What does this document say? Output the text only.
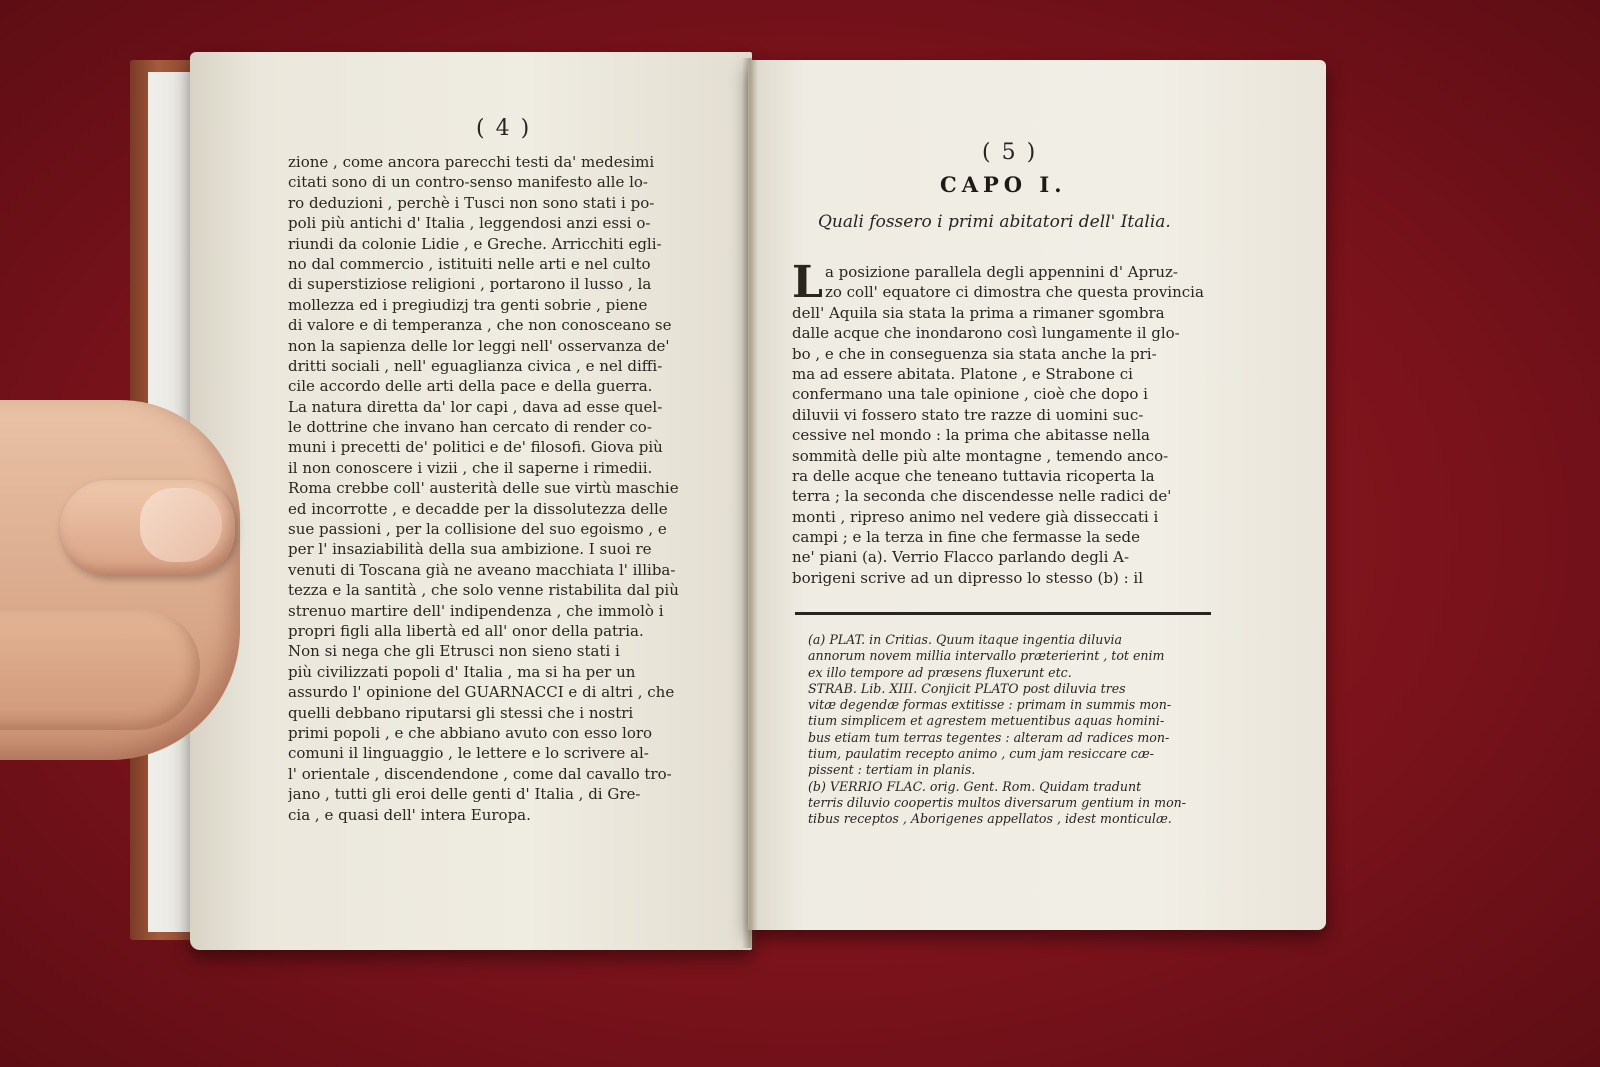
( 4 )
zione , come ancora parecchi testi da' medesimi
citati sono di un contro-senso manifesto alle lo-
ro deduzioni , perchè i Tusci non sono stati i po-
poli più antichi d' Italia , leggendosi anzi essi o-
riundi da colonie Lidie , e Greche. Arricchiti egli-
no dal commercio , istituiti nelle arti e nel culto
di superstiziose religioni , portarono il lusso , la
mollezza ed i pregiudizj tra genti sobrie , piene
di valore e di temperanza , che non conosceano se
non la sapienza delle lor leggi nell' osservanza de'
dritti sociali , nell' eguaglianza civica , e nel diffi-
cile accordo delle arti della pace e della guerra.
La natura diretta da' lor capi , dava ad esse quel-
le dottrine che invano han cercato di render co-
muni i precetti de' politici e de' filosofi. Giova più
il non conoscere i vizii , che il saperne i rimedii.
Roma crebbe coll' austerità delle sue virtù maschie
ed incorrotte , e decadde per la dissolutezza delle
sue passioni , per la collisione del suo egoismo , e
per l' insaziabilità della sua ambizione. I suoi re
venuti di Toscana già ne aveano macchiata l' illiba-
tezza e la santità , che solo venne ristabilita dal più
strenuo martire dell' indipendenza , che immolò i
propri figli alla libertà ed all' onor della patria.
Non si nega che gli Etrusci non sieno stati i
più civilizzati popoli d' Italia , ma si ha per un
assurdo l' opinione del GUARNACCI e di altri , che
quelli debbano riputarsi gli stessi che i nostri
primi popoli , e che abbiano avuto con esso loro
comuni il linguaggio , le lettere e lo scrivere al-
l' orientale , discendendone , come dal cavallo tro-
jano , tutti gli eroi delle genti d' Italia , di Gre-
cia , e quasi dell' intera Europa.
( 5 )
CAPO I.
Quali fossero i primi abitatori dell' Italia.
L a posizione parallela degli appennini d' Apruz-
zo coll' equatore ci dimostra che questa provincia
dell' Aquila sia stata la prima a rimaner sgombra
dalle acque che inondarono così lungamente il glo-
bo , e che in conseguenza sia stata anche la pri-
ma ad essere abitata. Platone , e Strabone ci
confermano una tale opinione , cioè che dopo i
diluvii vi fossero stato tre razze di uomini suc-
cessive nel mondo : la prima che abitasse nella
sommità delle più alte montagne , temendo anco-
ra delle acque che teneano tuttavia ricoperta la
terra ; la seconda che discendesse nelle radici de'
monti , ripreso animo nel vedere già disseccati i
campi ; e la terza in fine che fermasse la sede
ne' piani (a). Verrio Flacco parlando degli A-
borigeni scrive ad un dipresso lo stesso (b) : il
(a) PLAT. in Critias. Quum itaque ingentia diluvia
annorum novem millia intervallo præterierint , tot enim
ex illo tempore ad præsens fluxerunt etc.
STRAB. Lib. XIII. Conjicit PLATO post diluvia tres
vitæ degendæ formas extitisse : primam in summis mon-
tium simplicem et agrestem metuentibus aquas homini-
bus etiam tum terras tegentes : alteram ad radices mon-
tium, paulatim recepto animo , cum jam resiccare cæ-
pissent : tertiam in planis.
(b) VERRIO FLAC. orig. Gent. Rom. Quidam tradunt
terris diluvio coopertis multos diversarum gentium in mon-
tibus receptos , Aborigenes appellatos , idest monticulæ.
